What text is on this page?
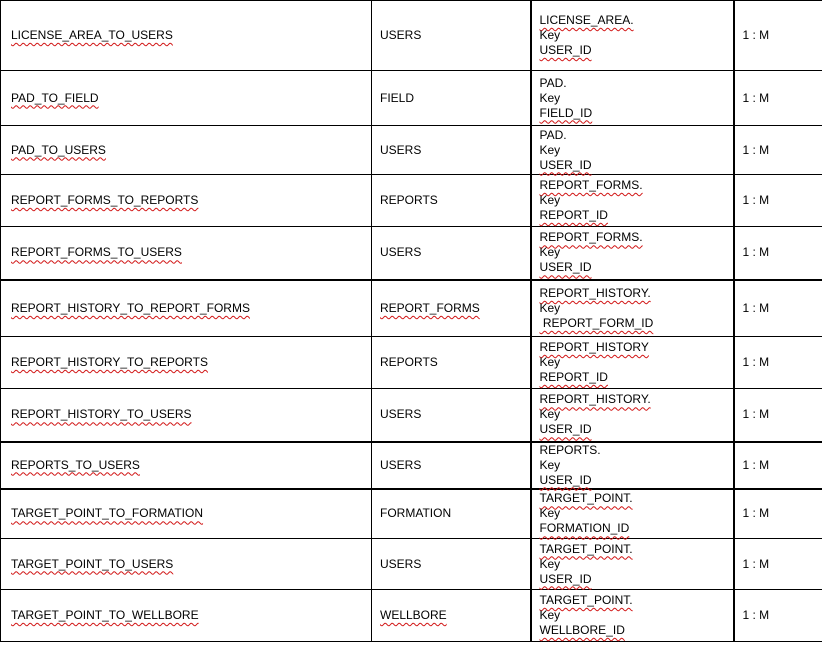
LICENSE_AREA_TO_USERS	USERS	LICENSE_AREA.
Key
USER_ID	1 : M
PAD_TO_FIELD	FIELD	PAD.
Key
FIELD_ID	1 : M
PAD_TO_USERS	USERS	PAD.
Key
USER_ID	1 : M
REPORT_FORMS_TO_REPORTS	REPORTS	REPORT_FORMS.
Key
REPORT_ID	1 : M
REPORT_FORMS_TO_USERS	USERS	REPORT_FORMS.
Key
USER_ID	1 : M
REPORT_HISTORY_TO_REPORT_FORMS	REPORT_FORMS	REPORT_HISTORY.
Key
REPORT_FORM_ID	1 : M
REPORT_HISTORY_TO_REPORTS	REPORTS	REPORT_HISTORY
Key
REPORT_ID	1 : M
REPORT_HISTORY_TO_USERS	USERS	REPORT_HISTORY.
Key
USER_ID	1 : M
REPORTS_TO_USERS	USERS	REPORTS.
Key
USER_ID	1 : M
TARGET_POINT_TO_FORMATION	FORMATION	TARGET_POINT.
Key
FORMATION_ID	1 : M
TARGET_POINT_TO_USERS	USERS	TARGET_POINT.
Key
USER_ID	1 : M
TARGET_POINT_TO_WELLBORE	WELLBORE	TARGET_POINT.
Key
WELLBORE_ID	1 : M
